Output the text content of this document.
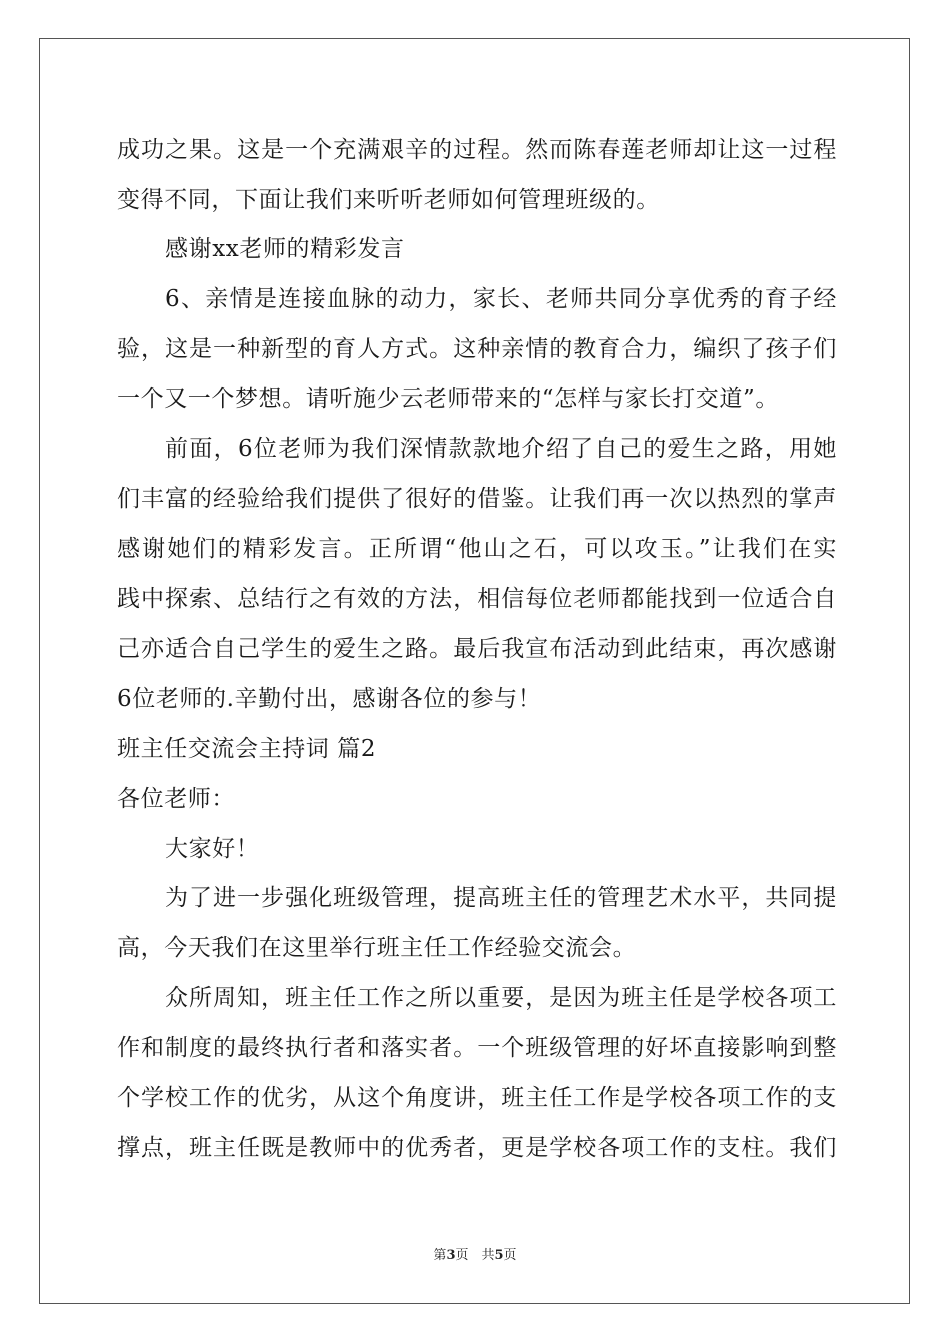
成功之果。这是一个充满艰辛的过程。然而陈春莲老师却让这一过程
变得不同，下面让我们来听听老师如何管理班级的。
感谢xx老师的精彩发言
6、亲情是连接血脉的动力，家长、老师共同分享优秀的育子经
验，这是一种新型的育人方式。这种亲情的教育合力，编织了孩子们
一个又一个梦想。请听施少云老师带来的“怎样与家长打交道”。
前面，6位老师为我们深情款款地介绍了自己的爱生之路，用她
们丰富的经验给我们提供了很好的借鉴。让我们再一次以热烈的掌声
感谢她们的精彩发言。正所谓“他山之石，可以攻玉。”让我们在实
践中探索、总结行之有效的方法，相信每位老师都能找到一位适合自
己亦适合自己学生的爱生之路。最后我宣布活动到此结束，再次感谢
6位老师的.辛勤付出，感谢各位的参与！
班主任交流会主持词 篇2
各位老师：
大家好！
为了进一步强化班级管理，提高班主任的管理艺术水平，共同提
高，今天我们在这里举行班主任工作经验交流会。
众所周知，班主任工作之所以重要，是因为班主任是学校各项工
作和制度的最终执行者和落实者。一个班级管理的好坏直接影响到整
个学校工作的优劣，从这个角度讲，班主任工作是学校各项工作的支
撑点，班主任既是教师中的优秀者，更是学校各项工作的支柱。我们
第3页　共5页
